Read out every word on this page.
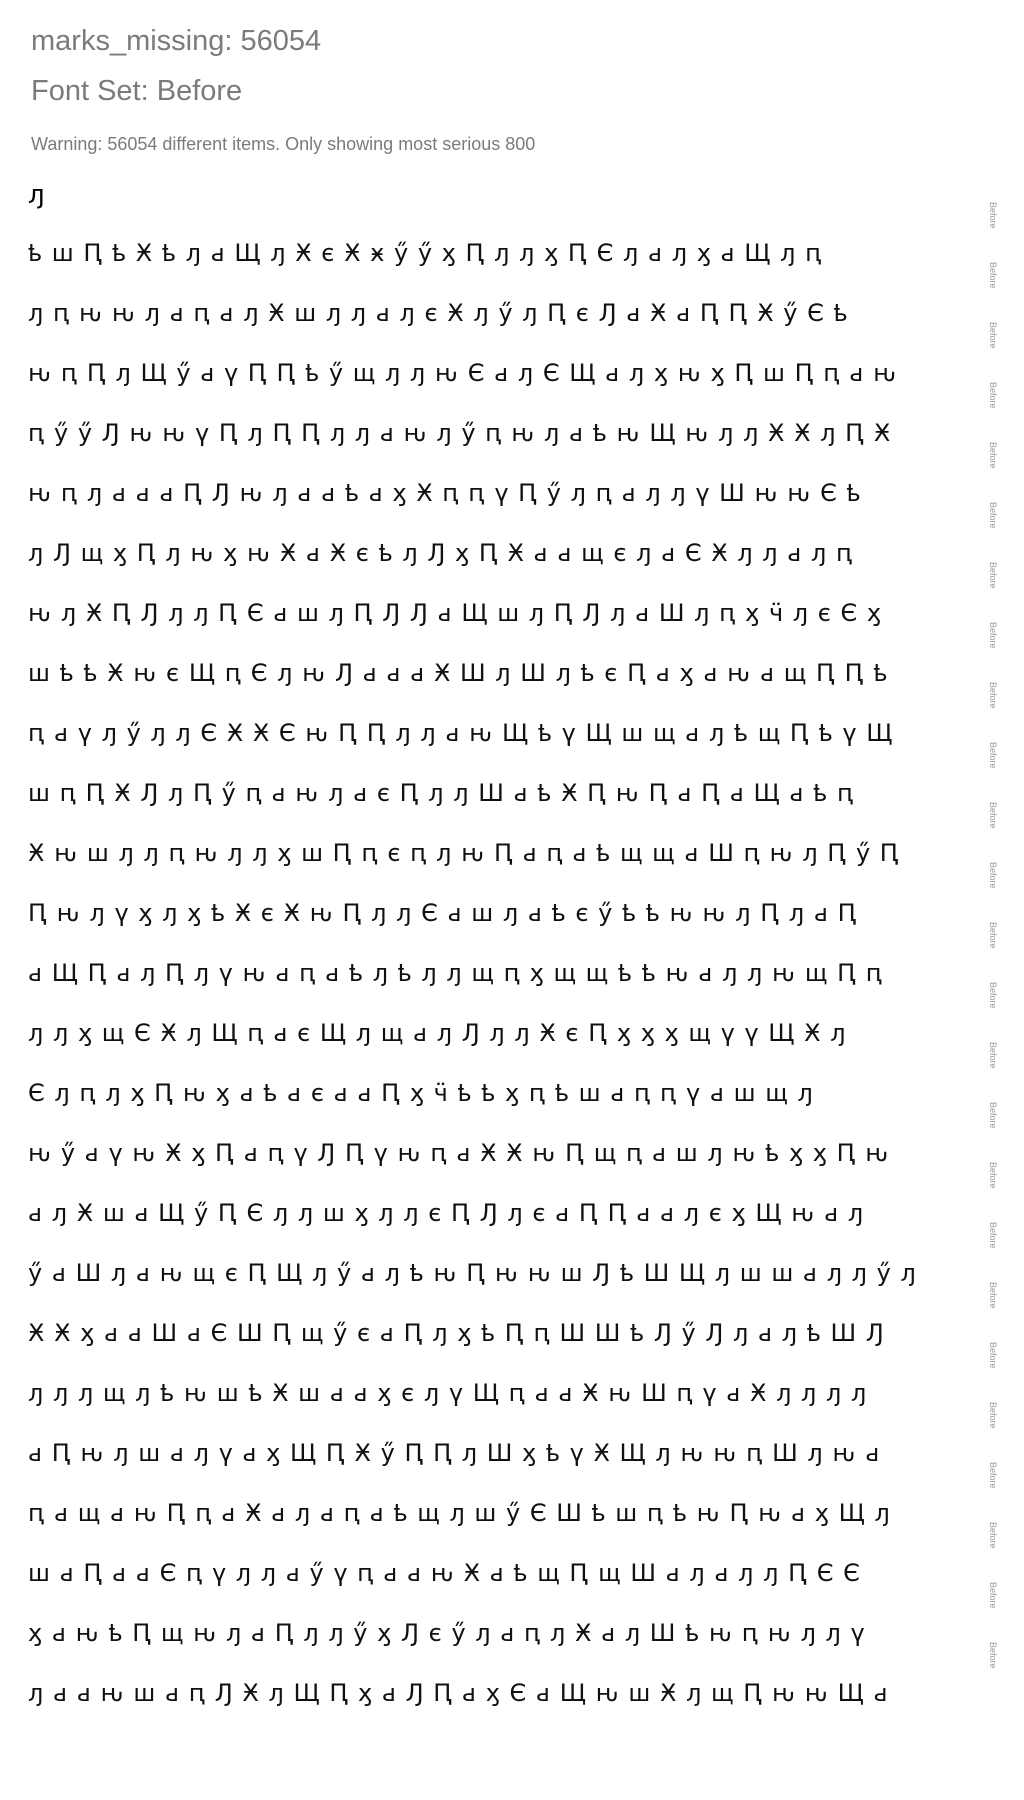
marks_missing: 56054
Font Set: Before
Warning: 56054 different items. Only showing most serious 800
ԓ
ҍ ш Ԥ ҍ Ӿ ҍ ԓ ԁ Щ ԓ Ӿ є Ӿ ӿ ӳ ӳ ӽ Ԥ ԓ ԓ ӽ Ԥ Є ԓ ԁ ԓ ӽ ԁ Щ ԓ ԥ
Before
ԓ ԥ ԋ ԋ ԓ ԁ ԥ ԁ ԓ Ӿ ш ԓ ԓ ԁ ԓ є Ӿ ԓ ӳ ԓ Ԥ є Ԓ ԁ Ӿ ԁ Ԥ Ԥ Ӿ ӳ Є ҍ
Before
ԋ ԥ Ԥ ԓ Щ ӳ ԁ ү Ԥ Ԥ ҍ ӳ щ ԓ ԓ ԋ Є ԁ ԓ Є Щ ԁ ԓ ӽ ԋ ӽ Ԥ ш Ԥ ԥ ԁ ԋ
Before
ԥ ӳ ӳ Ԓ ԋ ԋ ү Ԥ ԓ Ԥ Ԥ ԓ ԓ ԁ ԋ ԓ ӳ ԥ ԋ ԓ ԁ ҍ ԋ Щ ԋ ԓ ԓ Ӿ Ӿ ԓ Ԥ Ӿ
Before
ԋ ԥ ԓ ԁ ԁ ԁ Ԥ Ԓ ԋ ԓ ԁ ԁ ҍ ԁ ӽ Ӿ ԥ ԥ ү Ԥ ӳ ԓ ԥ ԁ ԓ ԓ ү Ш ԋ ԋ Є ҍ
Before
ԓ Ԓ щ ӽ Ԥ ԓ ԋ ӽ ԋ Ӿ ԁ Ӿ є ҍ ԓ Ԓ ӽ Ԥ Ӿ ԁ ԁ щ є ԓ ԁ Є Ӿ ԓ ԓ ԁ ԓ ԥ
Before
ԋ ԓ Ӿ Ԥ Ԓ ԓ ԓ Ԥ Є ԁ ш ԓ Ԥ Ԓ Ԓ ԁ Щ ш ԓ Ԥ Ԓ ԓ ԁ Ш ԓ ԥ ӽ ӵ ԓ є Є ӽ
Before
ш ҍ ҍ Ӿ ԋ є Щ ԥ Є ԓ ԋ Ԓ ԁ ԁ ԁ Ӿ Ш ԓ Ш ԓ ҍ є Ԥ ԁ ӽ ԁ ԋ ԁ щ Ԥ Ԥ ҍ
Before
ԥ ԁ ү ԓ ӳ ԓ ԓ Є Ӿ Ӿ Є ԋ Ԥ Ԥ ԓ ԓ ԁ ԋ Щ ҍ ү Щ ш щ ԁ ԓ ҍ щ Ԥ ҍ ү Щ
Before
ш ԥ Ԥ Ӿ Ԓ ԓ Ԥ ӳ ԥ ԁ ԋ ԓ ԁ є Ԥ ԓ ԓ Ш ԁ ҍ Ӿ Ԥ ԋ Ԥ ԁ Ԥ ԁ Щ ԁ ҍ ԥ
Before
Ӿ ԋ ш ԓ ԓ ԥ ԋ ԓ ԓ ӽ ш Ԥ ԥ є ԥ ԓ ԋ Ԥ ԁ ԥ ԁ ҍ щ щ ԁ Ш ԥ ԋ ԓ Ԥ ӳ Ԥ
Before
Ԥ ԋ ԓ ү ӽ ԓ ӽ ҍ Ӿ є Ӿ ԋ Ԥ ԓ ԓ Є ԁ ш ԓ ԁ ҍ є ӳ ҍ ҍ ԋ ԋ ԓ Ԥ ԓ ԁ Ԥ
Before
ԁ Щ Ԥ ԁ ԓ Ԥ ԓ ү ԋ ԁ ԥ ԁ ҍ ԓ ҍ ԓ ԓ щ ԥ ӽ щ щ ҍ ҍ ԋ ԁ ԓ ԓ ԋ щ Ԥ ԥ
Before
ԓ ԓ ӽ щ Є Ӿ ԓ Щ ԥ ԁ є Щ ԓ щ ԁ ԓ Ԓ ԓ ԓ Ӿ є Ԥ ӽ ӽ ӽ щ ү ү Щ Ӿ ԓ
Before
Є ԓ ԥ ԓ ӽ Ԥ ԋ ӽ ԁ ҍ ԁ є ԁ ԁ Ԥ ӽ ӵ ҍ ҍ ӽ ԥ ҍ ш ԁ ԥ ԥ ү ԁ ш щ ԓ
Before
ԋ ӳ ԁ ү ԋ Ӿ ӽ Ԥ ԁ ԥ ү Ԓ Ԥ ү ԋ ԥ ԁ Ӿ Ӿ ԋ Ԥ щ ԥ ԁ ш ԓ ԋ ҍ ӽ ӽ Ԥ ԋ
Before
ԁ ԓ Ӿ ш ԁ Щ ӳ Ԥ Є ԓ ԓ ш ӽ ԓ ԓ є Ԥ Ԓ ԓ є ԁ Ԥ Ԥ ԁ ԁ ԓ є ӽ Щ ԋ ԁ ԓ
Before
ӳ ԁ Ш ԓ ԁ ԋ щ є Ԥ Щ ԓ ӳ ԁ ԓ ҍ ԋ Ԥ ԋ ԋ ш Ԓ ҍ Ш Щ ԓ ш ш ԁ ԓ ԓ ӳ ԓ
Before
Ӿ Ӿ ӽ ԁ ԁ Ш ԁ Є Ш Ԥ щ ӳ є ԁ Ԥ ԓ ӽ ҍ Ԥ ԥ Ш Ш ҍ Ԓ ӳ Ԓ ԓ ԁ ԓ ҍ Ш Ԓ
Before
ԓ ԓ ԓ щ ԓ ҍ ԋ ш ҍ Ӿ ш ԁ ԁ ӽ є ԓ ү Щ ԥ ԁ ԁ Ӿ ԋ Ш ԥ ү ԁ Ӿ ԓ ԓ ԓ ԓ
Before
ԁ Ԥ ԋ ԓ ш ԁ ԓ ү ԁ ӽ Щ Ԥ Ӿ ӳ Ԥ Ԥ ԓ Ш ӽ ҍ ү Ӿ Щ ԓ ԋ ԋ ԥ Ш ԓ ԋ ԁ
Before
ԥ ԁ щ ԁ ԋ Ԥ ԥ ԁ Ӿ ԁ ԓ ԁ ԥ ԁ ҍ щ ԓ ш ӳ Є Ш ҍ ш ԥ ҍ ԋ Ԥ ԋ ԁ ӽ Щ ԓ
Before
ш ԁ Ԥ ԁ ԁ Є ԥ ү ԓ ԓ ԁ ӳ ү ԥ ԁ ԁ ԋ Ӿ ԁ ҍ щ Ԥ щ Ш ԁ ԓ ԁ ԓ ԓ Ԥ Є Є
Before
ӽ ԁ ԋ ҍ Ԥ щ ԋ ԓ ԁ Ԥ ԓ ԓ ӳ ӽ Ԓ є ӳ ԓ ԁ ԥ ԓ Ӿ ԁ ԓ Ш ҍ ԋ ԥ ԋ ԓ ԓ ү
Before
ԓ ԁ ԁ ԋ ш ԁ ԥ Ԓ Ӿ ԓ Щ Ԥ ӽ ԁ Ԓ Ԥ ԁ ӽ Є ԁ Щ ԋ ш Ӿ ԓ щ Ԥ ԋ ԋ Щ ԁ
Before
